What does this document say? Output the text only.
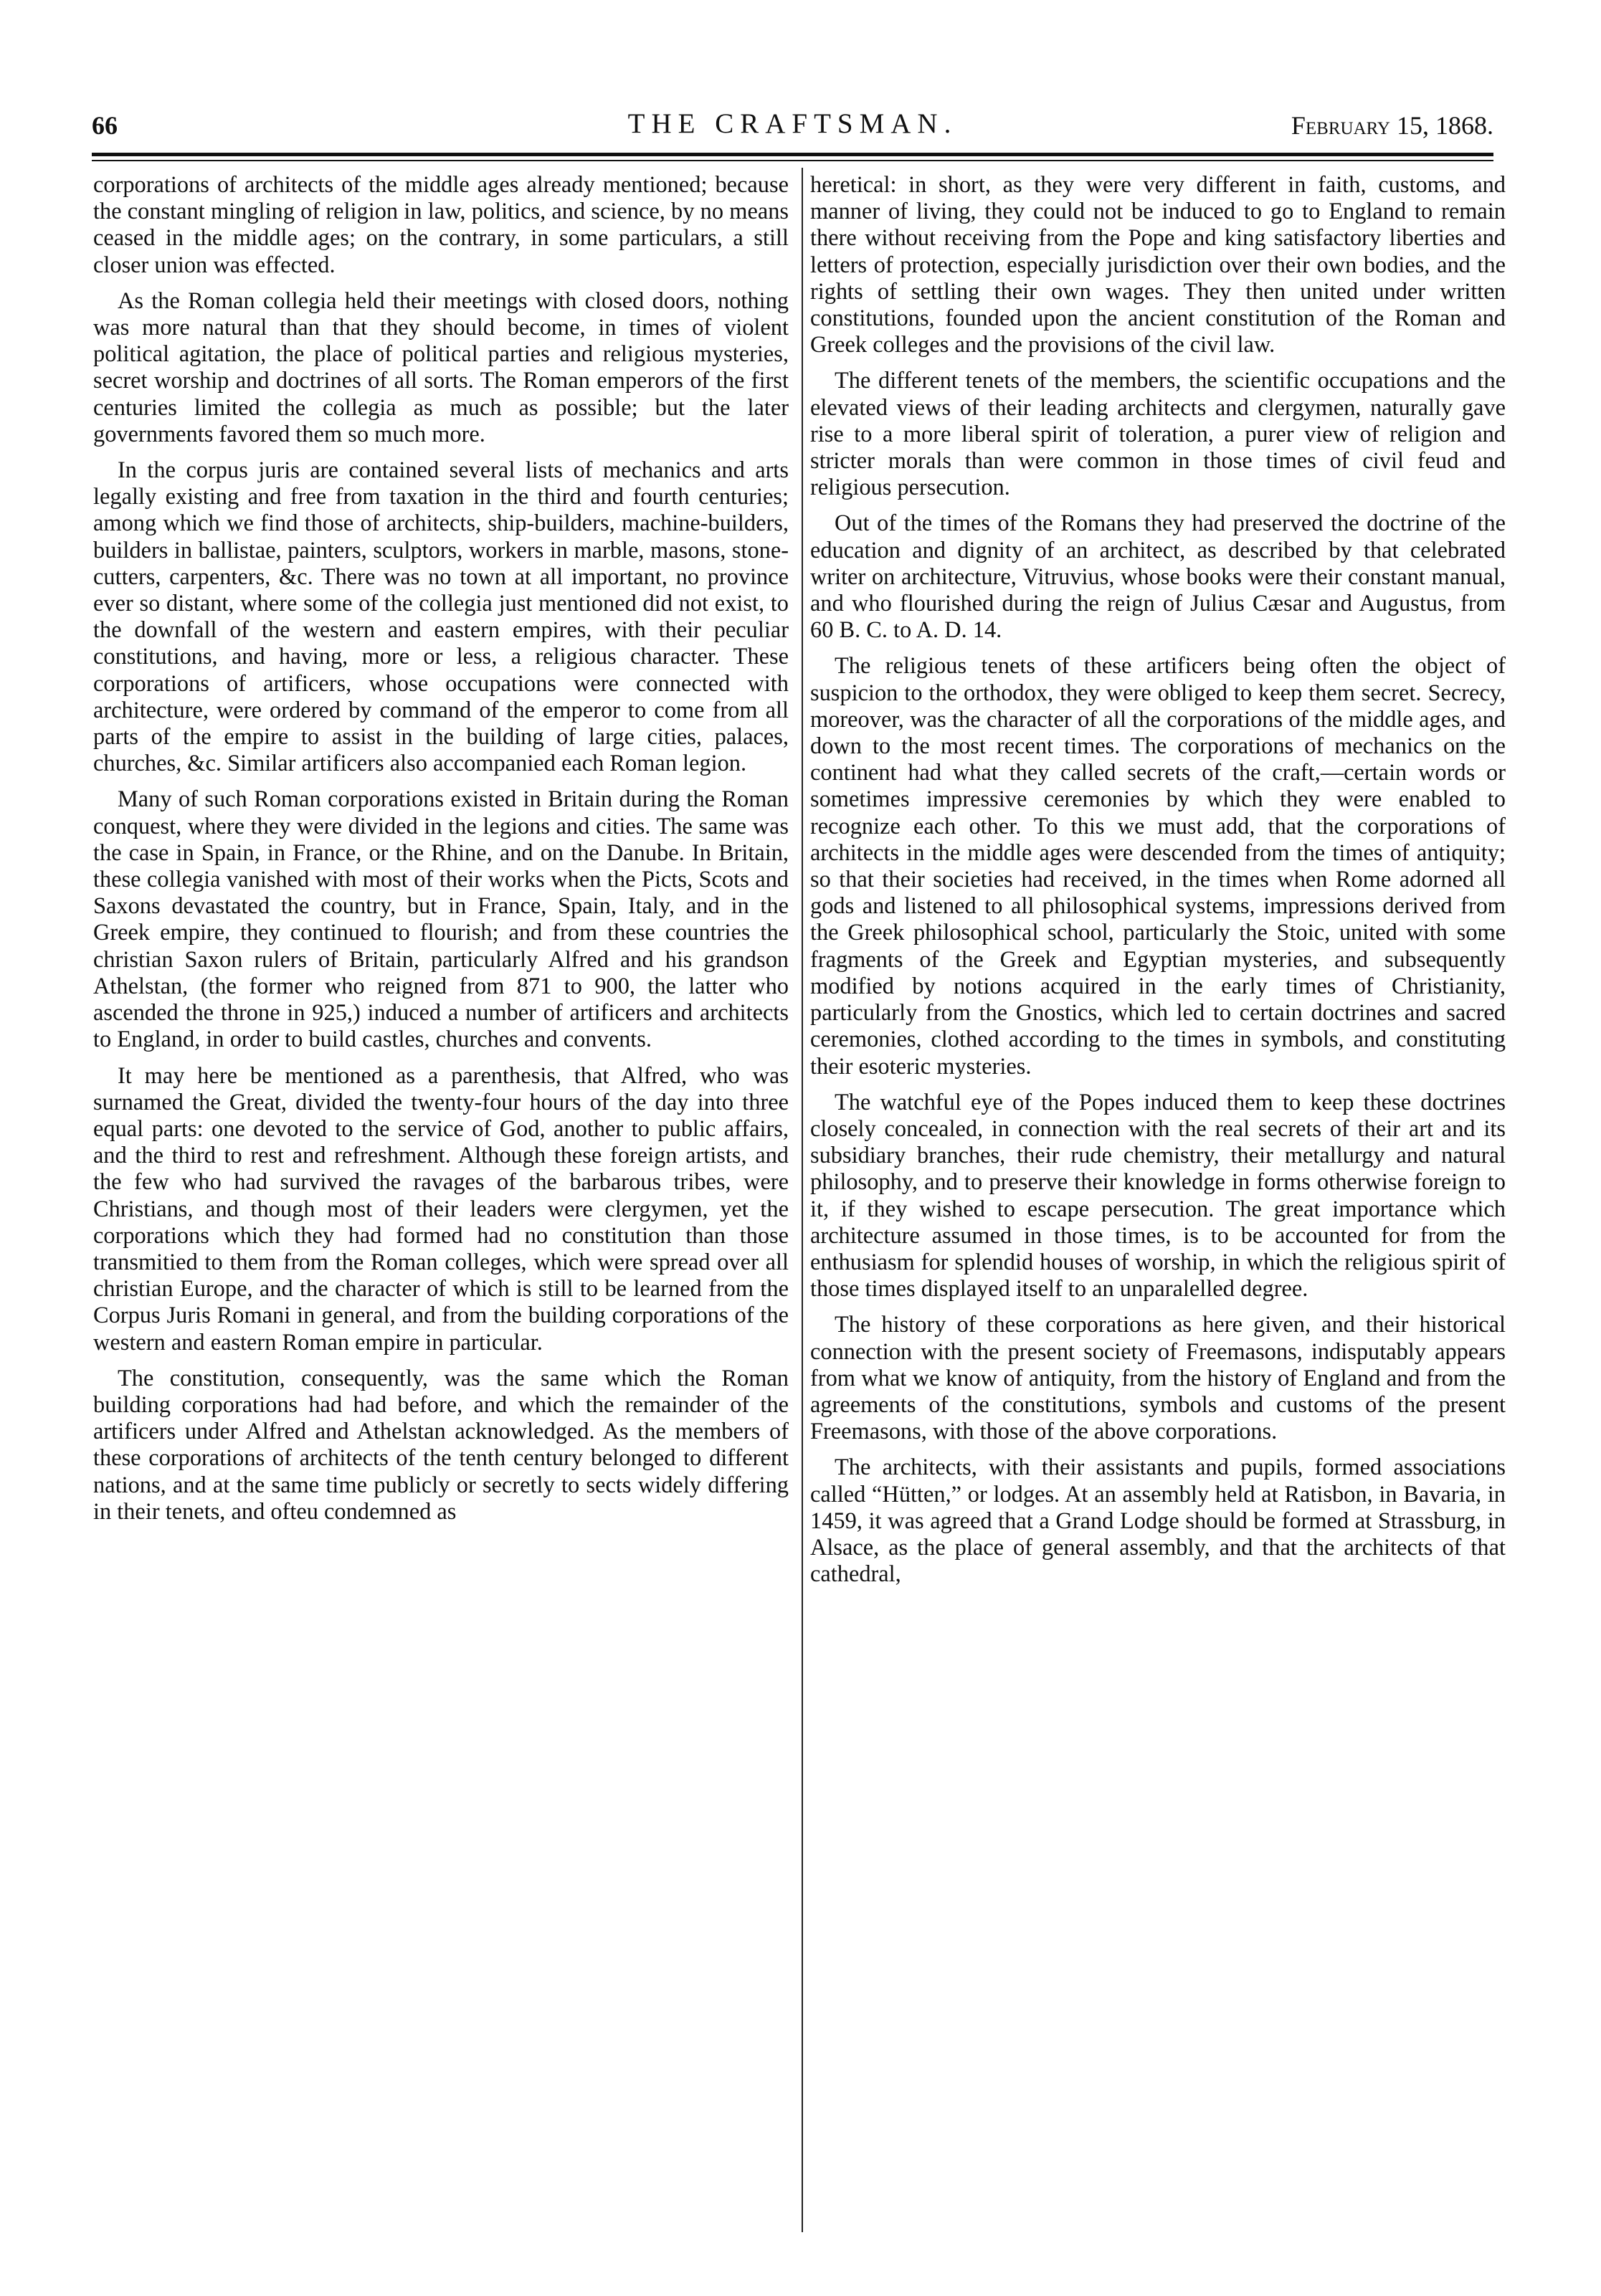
66	THE CRAFTSMAN.	February 15, 1868.

corporations of architects of the middle ages already mentioned; because the constant mingling of religion in law, politics, and science, by no means ceased in the middle ages; on the contrary, in some particulars, a still closer union was effected.

As the Roman collegia held their meetings with closed doors, nothing was more natural than that they should become, in times of violent political agitation, the place of political parties and religious mysteries, secret worship and doctrines of all sorts. The Roman emperors of the first centuries limited the collegia as much as possible; but the later governments favored them so much more.

In the corpus juris are contained several lists of mechanics and arts legally existing and free from taxation in the third and fourth centuries; among which we find those of architects, ship-builders, machine-builders, builders in ballistae, painters, sculptors, workers in marble, masons, stone-cutters, carpenters, &c. There was no town at all important, no province ever so distant, where some of the collegia just mentioned did not exist, to the downfall of the western and eastern empires, with their peculiar constitutions, and having, more or less, a religious character. These corporations of artificers, whose occupations were connected with architecture, were ordered by command of the emperor to come from all parts of the empire to assist in the building of large cities, palaces, churches, &c. Similar artificers also accompanied each Roman legion.

Many of such Roman corporations existed in Britain during the Roman conquest, where they were divided in the legions and cities. The same was the case in Spain, in France, or the Rhine, and on the Danube. In Britain, these collegia vanished with most of their works when the Picts, Scots and Saxons devastated the country, but in France, Spain, Italy, and in the Greek empire, they continued to flourish; and from these countries the christian Saxon rulers of Britain, particularly Alfred and his grandson Athelstan, (the former who reigned from 871 to 900, the latter who ascended the throne in 925,) induced a number of artificers and architects to England, in order to build castles, churches and convents.

It may here be mentioned as a parenthesis, that Alfred, who was surnamed the Great, divided the twenty-four hours of the day into three equal parts: one devoted to the service of God, another to public affairs, and the third to rest and refreshment. Although these foreign artists, and the few who had survived the ravages of the barbarous tribes, were Christians, and though most of their leaders were clergymen, yet the corporations which they had formed had no constitution than those transmitied to them from the Roman colleges, which were spread over all christian Europe, and the character of which is still to be learned from the Corpus Juris Romani in general, and from the building corporations of the western and eastern Roman empire in particular.

The constitution, consequently, was the same which the Roman building corporations had had before, and which the remainder of the artificers under Alfred and Athelstan acknowledged. As the members of these corporations of architects of the tenth century belonged to different nations, and at the same time publicly or secretly to sects widely differing in their tenets, and ofteu condemned as

heretical: in short, as they were very different in faith, customs, and manner of living, they could not be induced to go to England to remain there without receiving from the Pope and king satisfactory liberties and letters of protection, especially jurisdiction over their own bodies, and the rights of settling their own wages. They then united under written constitutions, founded upon the ancient constitution of the Roman and Greek colleges and the provisions of the civil law.

The different tenets of the members, the scientific occupations and the elevated views of their leading architects and clergymen, naturally gave rise to a more liberal spirit of toleration, a purer view of religion and stricter morals than were common in those times of civil feud and religious persecution.

Out of the times of the Romans they had preserved the doctrine of the education and dignity of an architect, as described by that celebrated writer on architecture, Vitruvius, whose books were their constant manual, and who flourished during the reign of Julius Cæsar and Augustus, from 60 B. C. to A. D. 14.

The religious tenets of these artificers being often the object of suspicion to the orthodox, they were obliged to keep them secret. Secrecy, moreover, was the character of all the corporations of the middle ages, and down to the most recent times. The corporations of mechanics on the continent had what they called secrets of the craft,—certain words or sometimes impressive ceremonies by which they were enabled to recognize each other. To this we must add, that the corporations of architects in the middle ages were descended from the times of antiquity; so that their societies had received, in the times when Rome adorned all gods and listened to all philosophical systems, impressions derived from the Greek philosophical school, particularly the Stoic, united with some fragments of the Greek and Egyptian mysteries, and subsequently modified by notions acquired in the early times of Christianity, particularly from the Gnostics, which led to certain doctrines and sacred ceremonies, clothed according to the times in symbols, and constituting their esoteric mysteries.

The watchful eye of the Popes induced them to keep these doctrines closely concealed, in connection with the real secrets of their art and its subsidiary branches, their rude chemistry, their metallurgy and natural philosophy, and to preserve their knowledge in forms otherwise foreign to it, if they wished to escape persecution. The great importance which architecture assumed in those times, is to be accounted for from the enthusiasm for splendid houses of worship, in which the religious spirit of those times displayed itself to an unparalelled degree.

The history of these corporations as here given, and their historical connection with the present society of Freemasons, indisputably appears from what we know of antiquity, from the history of England and from the agreements of the constitutions, symbols and customs of the present Freemasons, with those of the above corporations.

The architects, with their assistants and pupils, formed associations called “Hütten,” or lodges. At an assembly held at Ratisbon, in Bavaria, in 1459, it was agreed that a Grand Lodge should be formed at Strassburg, in Alsace, as the place of general assembly, and that the architects of that cathedral,
